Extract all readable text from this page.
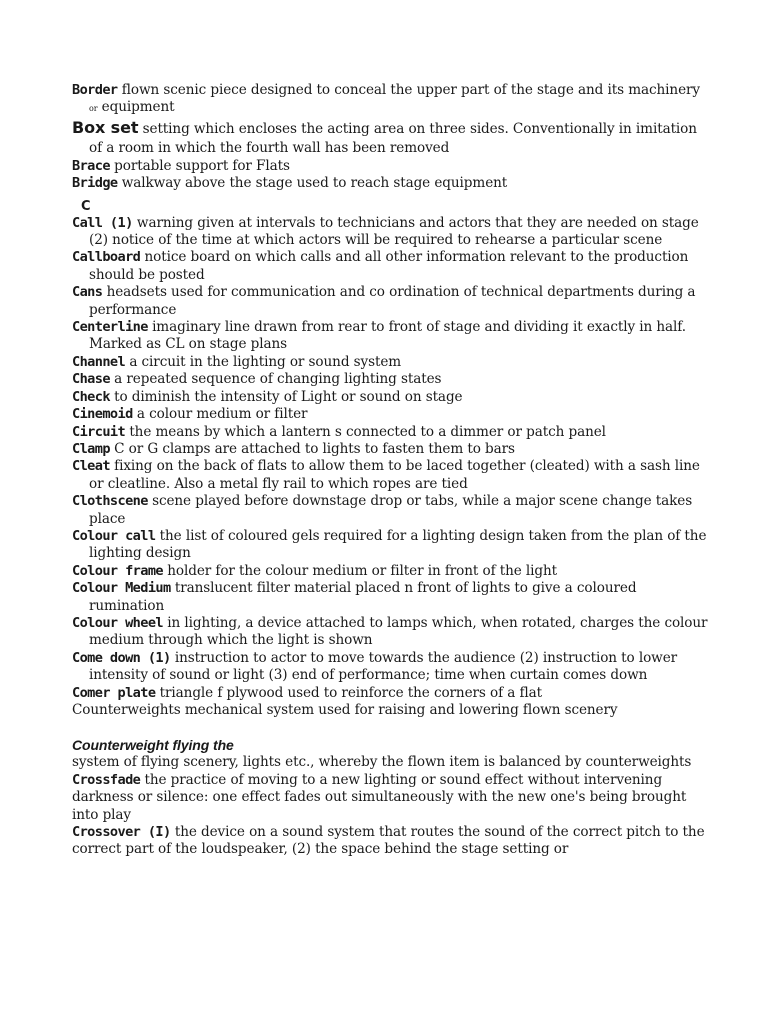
Border flown scenic piece designed to conceal the upper part of the stage and its machinery or equipment

Box set setting which encloses the acting area on three sides. Conventionally in imitation of a room in which the fourth wall has been removed

Brace portable support for Flats

Bridge walkway above the stage used to reach stage equipment

C

Call (1) warning given at intervals to technicians and actors that they are needed on stage (2) notice of the time at which actors will be required to rehearse a particular scene

Callboard notice board on which calls and all other information relevant to the production should be posted

Cans headsets used for communication and co ordination of technical departments during a performance

Centerline imaginary line drawn from rear to front of stage and dividing it exactly in half. Marked as CL on stage plans

Channel a circuit in the lighting or sound system

Chase a repeated sequence of changing lighting states

Check to diminish the intensity of Light or sound on stage

Cinemoid a colour medium or filter

Circuit the means by which a lantern s connected to a dimmer or patch panel

Clamp C or G clamps are attached to lights to fasten them to bars

Cleat fixing on the back of flats to allow them to be laced together (cleated) with a sash line or cleatline. Also a metal fly rail to which ropes are tied

Clothscene scene played before downstage drop or tabs, while a major scene change takes place

Colour call the list of coloured gels required for a lighting design taken from the plan of the lighting design

Colour frame holder for the colour medium or filter in front of the light

Colour Medium translucent filter material placed n front of lights to give a coloured rumination

Colour wheel in lighting, a device attached to lamps which, when rotated, charges the colour medium through which the light is shown

Come down (1) instruction to actor to move towards the audience (2) instruction to lower intensity of sound or light (3) end of performance; time when curtain comes down

Comer plate triangle f plywood used to reinforce the corners of a flat

Counterweights mechanical system used for raising and lowering flown scenery

Counterweight flying the

system of flying scenery, lights etc., whereby the flown item is balanced by counterweights

Crossfade the practice of moving to a new lighting or sound effect without intervening darkness or silence: one effect fades out simultaneously with the new one's being brought into play

Crossover (I) the device on a sound system that routes the sound of the correct pitch to the correct part of the loudspeaker, (2) the space behind the stage setting or
